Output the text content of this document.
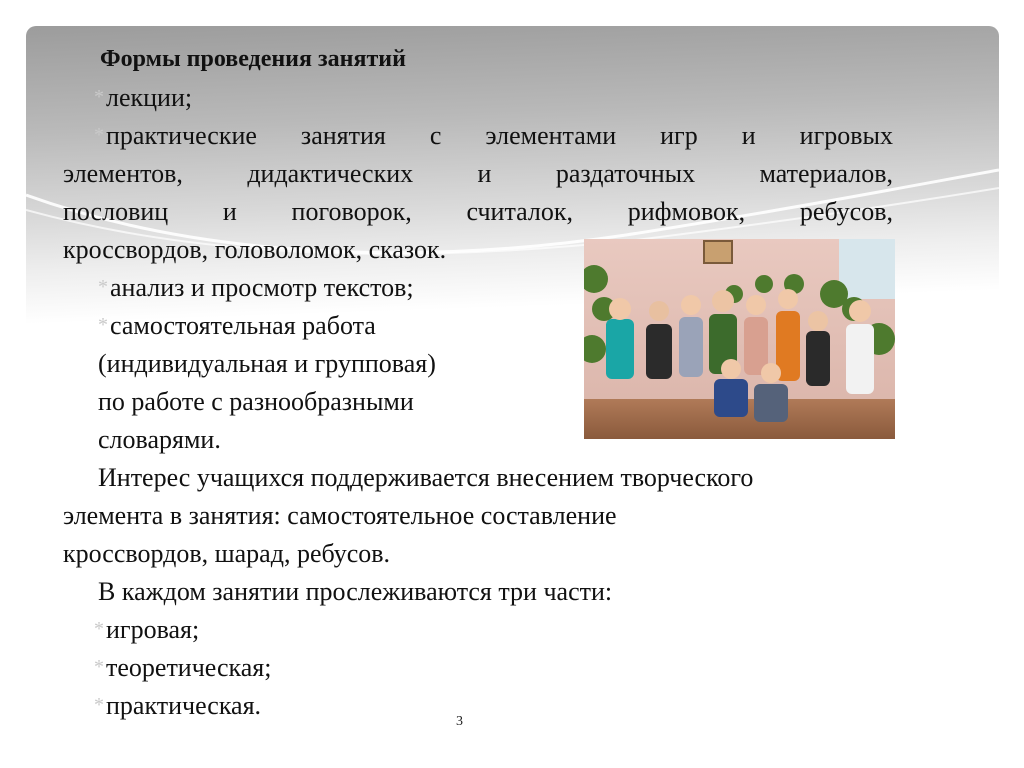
Формы проведения занятий
*лекции;
*практические занятия с элементами игр и игровых
элементов, дидактических и раздаточных материалов,
пословиц и поговорок, считалок, рифмовок, ребусов,
кроссвордов, головоломок, сказок.
*анализ и просмотр текстов;
*самостоятельная работа
(индивидуальная и групповая)
по работе с разнообразными
словарями.
Интерес учащихся поддерживается внесением творческого
элемента в занятия: самостоятельное составление
кроссвордов, шарад, ребусов.
В каждом занятии прослеживаются три части:
*игровая;
*теоретическая;
*практическая.
3
